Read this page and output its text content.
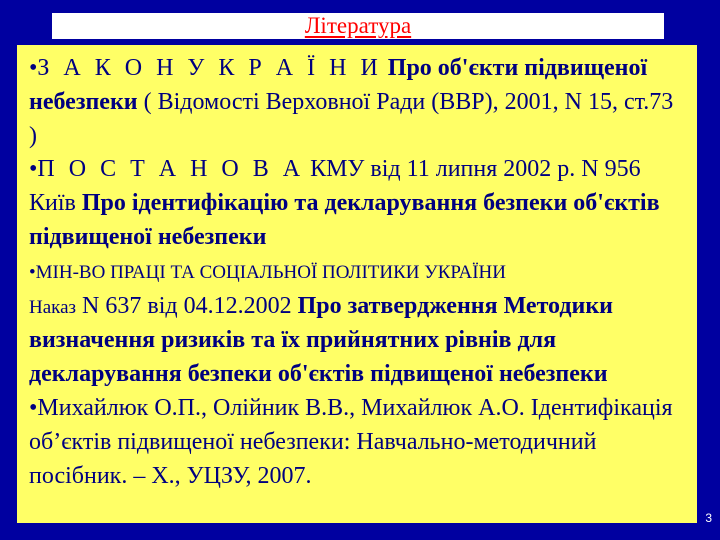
Література

•З А К О Н У К Р А Ї Н И Про об'єкти підвищеної небезпеки ( Відомості Верховної Ради (ВВР), 2001, N 15, ст.73 )

•П О С Т А Н О В А КМУ від 11 липня 2002 р. N 956 Київ Про ідентифікацію та декларування безпеки об'єктів підвищеної небезпеки

•МІН-ВО ПРАЦІ ТА СОЦІАЛЬНОЇ ПОЛІТИКИ УКРАЇНИ
Наказ N 637 від 04.12.2002 Про затвердження Методики визначення ризиків та їх прийнятних рівнів для декларування безпеки об'єктів підвищеної небезпеки

•Михайлюк О.П., Олійник В.В., Михайлюк А.О. Ідентифікація об’єктів підвищеної небезпеки: Навчально-методичний посібник. – Х., УЦЗУ, 2007.

3
